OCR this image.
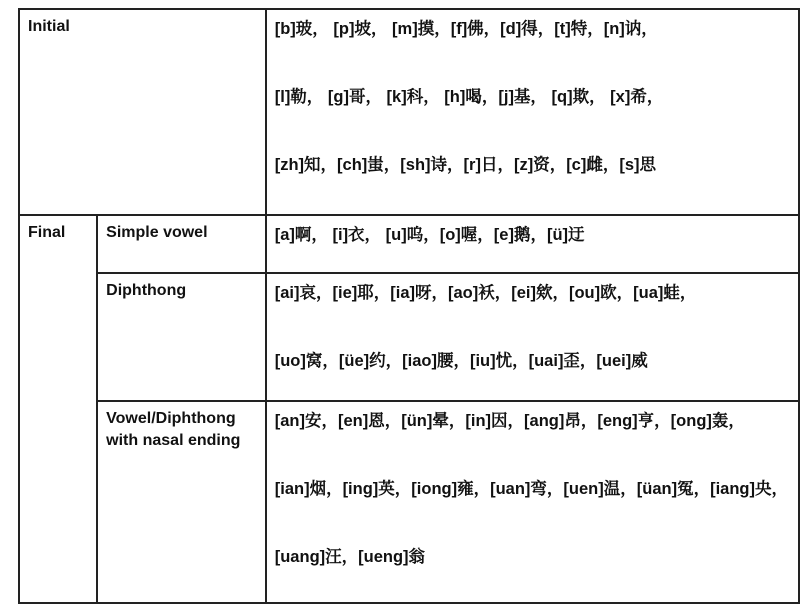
Initial		[b]玻， [p]坡， [m]摸，[f]佛，[d]得，[t]特，[n]讷，
[l]勒， [g]哥， [k]科， [h]喝，[j]基， [q]欺， [x]希，
[zh]知，[ch]蚩，[sh]诗，[r]日，[z]资，[c]雌，[s]思

Final	Simple vowel	[a]啊， [i]衣， [u]呜，[o]喔，[e]鹅，[ü]迂

	Diphthong	[ai]哀，[ie]耶，[ia]呀，[ao]袄，[ei]欸，[ou]欧，[ua]蛙，
[uo]窝，[üe]约，[iao]腰，[iu]忧，[uai]歪，[uei]威

	Vowel/Diphthong
with nasal ending	[an]安，[en]恩，[ün]晕，[in]因，[ang]昂，[eng]亨，[ong]轰，
[ian]烟，[ing]英，[iong]雍，[uan]弯，[uen]温，[üan]冤，[iang]央，
[uang]汪，[ueng]翁
